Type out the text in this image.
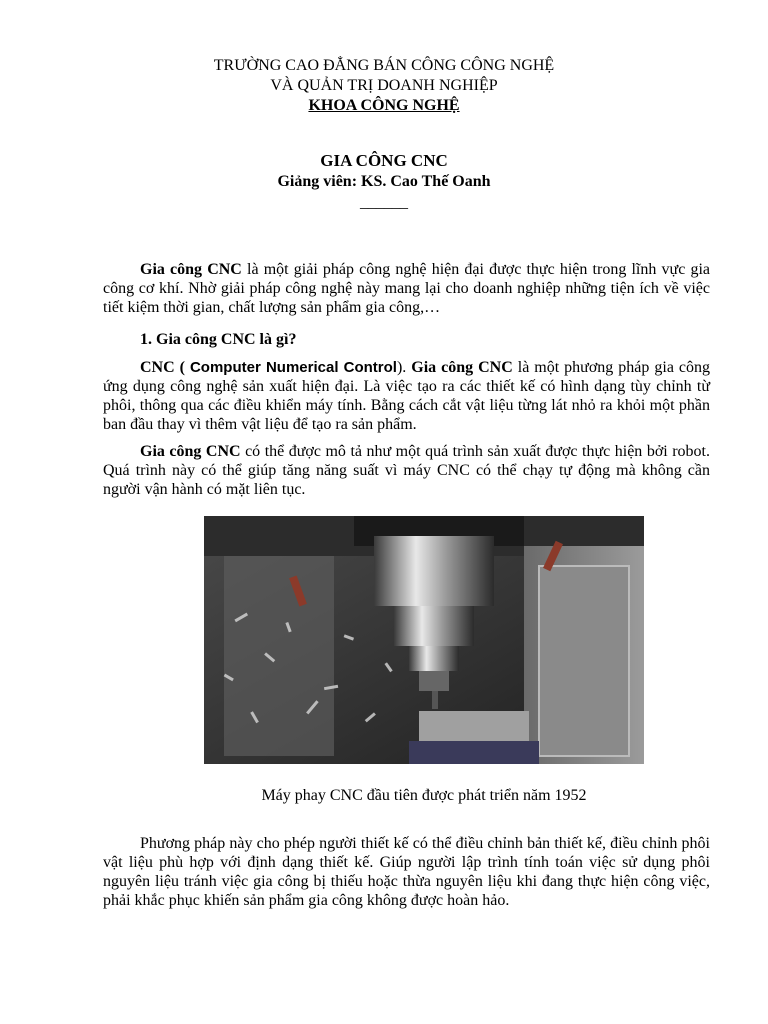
TRƯỜNG CAO ĐẲNG BÁN CÔNG CÔNG NGHỆ

VÀ QUẢN TRỊ DOANH NGHIỆP

KHOA CÔNG NGHỆ

GIA CÔNG CNC

Giảng viên: KS. Cao Thế Oanh

______

Gia công CNC là một giải pháp công nghệ hiện đại được thực hiện trong lĩnh vực gia công cơ khí. Nhờ giải pháp công nghệ này mang lại cho doanh nghiệp những tiện ích về việc tiết kiệm thời gian, chất lượng sản phẩm gia công,…

1. Gia công CNC là gì?

CNC ( Computer Numerical Control). Gia công CNC là một phương pháp gia công ứng dụng công nghệ sản xuất hiện đại. Là việc tạo ra các thiết kế có hình dạng tùy chỉnh từ phôi, thông qua các điều khiển máy tính. Bằng cách cắt vật liệu từng lát nhỏ ra khỏi một phần ban đầu thay vì thêm vật liệu để tạo ra sản phẩm.

Gia công CNC có thể được mô tả như một quá trình sản xuất được thực hiện bởi robot. Quá trình này có thể giúp tăng năng suất vì máy CNC có thể chạy tự động mà không cần người vận hành có mặt liên tục.

Máy phay CNC đầu tiên được phát triển năm 1952

Phương pháp này cho phép người thiết kế có thể điều chỉnh bản thiết kế, điều chỉnh phôi vật liệu phù hợp với định dạng thiết kế. Giúp người lập trình tính toán việc sử dụng phôi nguyên liệu tránh việc gia công bị thiếu hoặc thừa nguyên liệu khi đang thực hiện công việc, phải khắc phục khiến sản phẩm gia công không được hoàn hảo.
